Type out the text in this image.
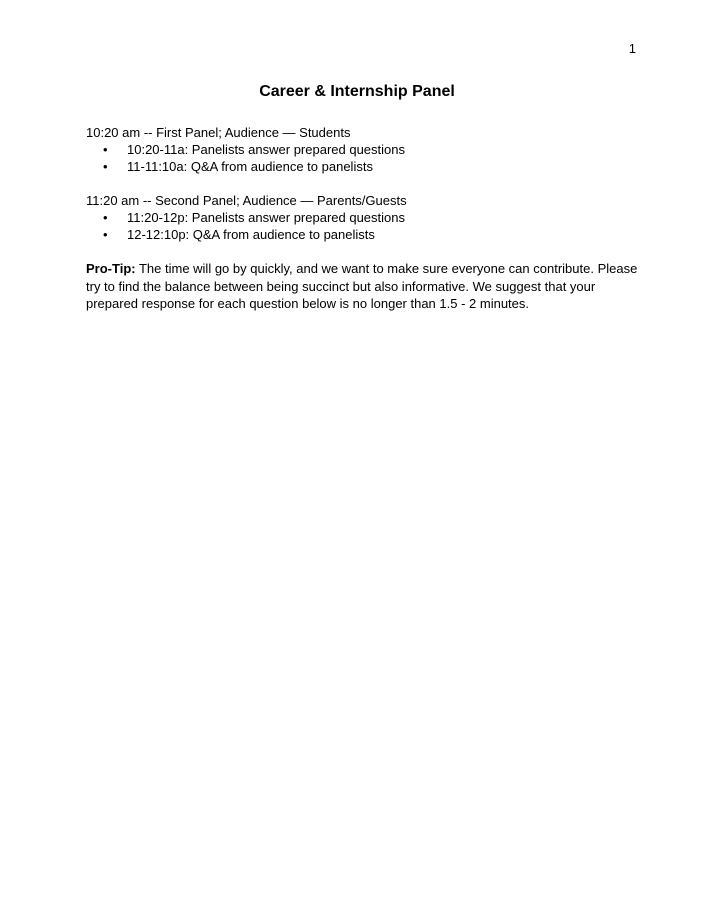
1
Career & Internship Panel

10:20 am -- First Panel; Audience — Students

• 10:20-11a: Panelists answer prepared questions
• 11-11:10a: Q&A from audience to panelists

11:20 am -- Second Panel; Audience — Parents/Guests

• 11:20-12p: Panelists answer prepared questions
• 12-12:10p: Q&A from audience to panelists

Pro-Tip: The time will go by quickly, and we want to make sure everyone can contribute. Please try to find the balance between being succinct but also informative. We suggest that your prepared response for each question below is no longer than 1.5 - 2 minutes.
